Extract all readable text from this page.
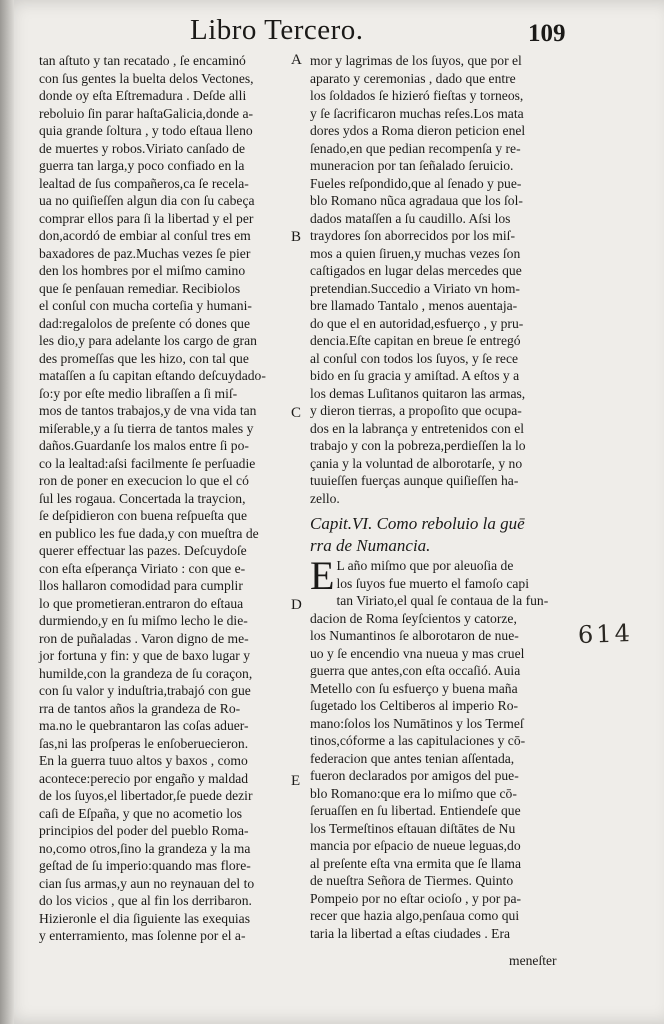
Libro Tercero.	109
tan aſtuto y tan recatado , ſe encaminó
con ſus gentes la buelta delos Vectones,
donde oy eſta Eſtremadura . Deſde alli
reboluio ſin parar haſtaGalicia,donde a-
quia grande ſoltura , y todo eſtaua lleno
de muertes y robos.Viriato canſado de
guerra tan larga,y poco confiado en la
lealtad de ſus compañeros,ca ſe recela-
ua no quiſieſſen algun dia con ſu cabeça
comprar ellos para ſi la libertad y el per
don,acordó de embiar al conſul tres em
baxadores de paz.Muchas vezes ſe pier
den los hombres por el miſmo camino
que ſe penſauan remediar. Recibiolos
el conſul con mucha corteſia y humani-
dad:regalolos de preſente có dones que
les dio,y para adelante los cargo de gran
des promeſſas que les hizo, con tal que
mataſſen a ſu capitan eſtando deſcuydado-
ſo:y por eſte medio libraſſen a ſi miſ-
mos de tantos trabajos,y de vna vida tan
miſerable,y a ſu tierra de tantos males y
daños.Guardanſe los malos entre ſi po-
co la lealtad:aſsi facilmente ſe perſuadie
ron de poner en execucion lo que el có
ſul les rogaua. Concertada la traycion,
ſe deſpidieron con buena reſpueſta que
en publico les fue dada,y con mueſtra de
querer effectuar las pazes. Deſcuydoſe
con eſta eſperança Viriato : con que e-
llos hallaron comodidad para cumplir
lo que prometieran.entraron do eſtaua
durmiendo,y en ſu miſmo lecho le die-
ron de puñaladas . Varon digno de me-
jor fortuna y fin: y que de baxo lugar y
humilde,con la grandeza de ſu coraçon,
con ſu valor y induſtria,trabajó con gue
rra de tantos años la grandeza de Ro-
ma.no le quebrantaron las coſas aduer-
ſas,ni las proſperas le enſoberuecieron.
En la guerra tuuo altos y baxos , como
acontece:perecio por engaño y maldad
de los ſuyos,el libertador,ſe puede dezir
caſi de Eſpaña, y que no acometio los
principios del poder del pueblo Roma-
no,como otros,ſino la grandeza y la ma
geſtad de ſu imperio:quando mas flore-
cian ſus armas,y aun no reynauan del to
do los vicios , que al fin los derribaron.
Hizieronle el dia ſiguiente las exequias
y enterramiento, mas ſolenne por el a-
mor y lagrimas de los ſuyos, que por el
aparato y ceremonias , dado que entre
los ſoldados ſe hizieró fieſtas y torneos,
y ſe ſacrificaron muchas reſes.Los mata
dores ydos a Roma dieron peticion enel
ſenado,en que pedian recompenſa y re-
muneracion por tan ſeñalado ſeruicio.
Fueles reſpondido,que al ſenado y pue-
blo Romano nũca agradaua que los ſol-
dados mataſſen a ſu caudillo. Aſsi los
traydores ſon aborrecidos por los miſ-
mos a quien ſiruen,y muchas vezes ſon
caſtigados en lugar delas mercedes que
pretendian.Succedio a Viriato vn hom-
bre llamado Tantalo , menos auentaja-
do que el en autoridad,esfuerço , y pru-
dencia.Eſte capitan en breue ſe entregó
al conſul con todos los ſuyos, y ſe rece
bido en ſu gracia y amiſtad. A eſtos y a
los demas Luſitanos quitaron las armas,
y dieron tierras, a propoſito que ocupa-
dos en la labrança y entretenidos con el
trabajo y con la pobreza,perdieſſen la lo
çania y la voluntad de alborotarſe, y no
tuuieſſen fuerças aunque quiſieſſen ha-
zello.
Capit.VI. Como reboluio la guē
rra de Numancia.
E L año miſmo que por aleuoſia de
los ſuyos fue muerto el famoſo capi
tan Viriato,el qual ſe contaua de la fun-
dacion de Roma ſeyſcientos y catorze,
los Numantinos ſe alborotaron de nue-
uo y ſe encendio vna nueua y mas cruel
guerra que antes,con eſta occaſió. Auia
Metello con ſu esfuerço y buena maña
ſugetado los Celtiberos al imperio Ro-
mano:ſolos los Numātinos y los Termeſ
tinos,cóforme a las capitulaciones y cō-
federacion que antes tenian aſſentada,
fueron declarados por amigos del pue-
blo Romano:que era lo miſmo que cō-
ſeruaſſen en ſu libertad. Entiendeſe que
los Termeſtinos eſtauan diſtātes de Nu
mancia por eſpacio de nueue leguas,do
al preſente eſta vna ermita que ſe llama
de nueſtra Señora de Tiermes. Quinto
Pompeio por no eſtar ocioſo , y por pa-
recer que hazia algo,penſaua como qui
taria la libertad a eſtas ciudades . Era
A
B
C
D
E
614
meneſter
